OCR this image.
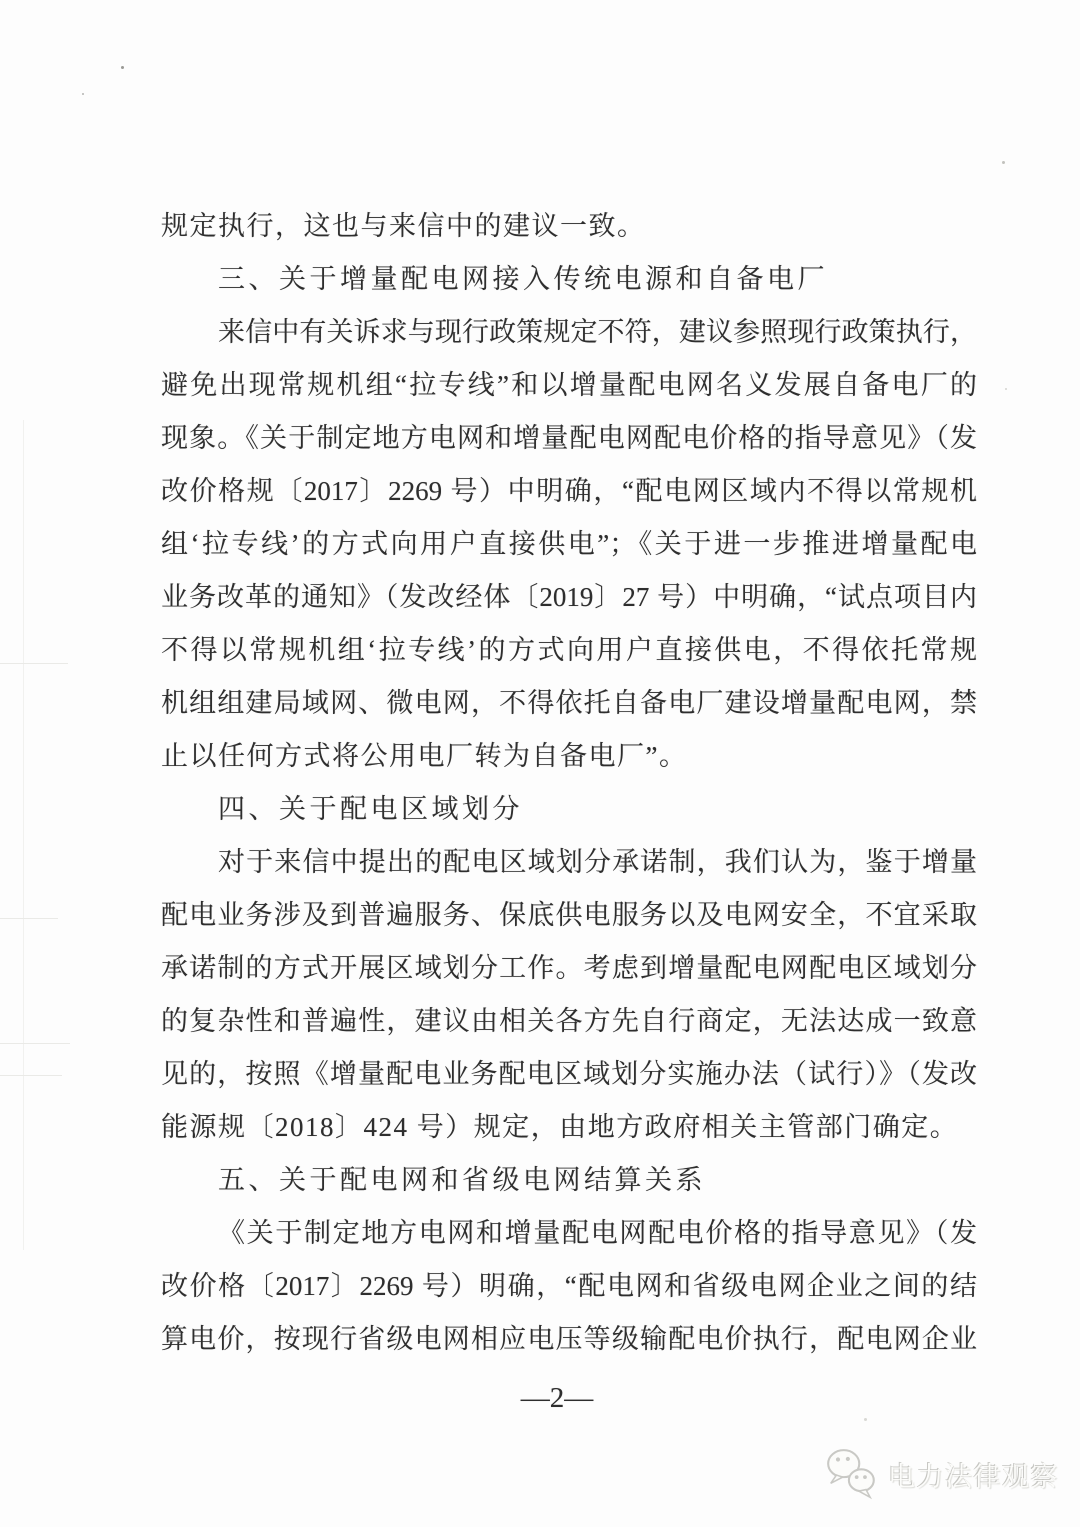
规定执行，这也与来信中的建议一致。
三、关于增量配电网接入传统电源和自备电厂
来信中有关诉求与现行政策规定不符，建议参照现行政策执行，
避免出现常规机组“拉专线”和以增量配电网名义发展自备电厂的
现象。《关于制定地方电网和增量配电网配电价格的指导意见》（发
改价格规〔2017〕2269 号）中明确，“配电网区域内不得以常规机
组‘拉专线’的方式向用户直接供电”；《关于进一步推进增量配电
业务改革的通知》（发改经体〔2019〕27 号）中明确，“试点项目内
不得以常规机组‘拉专线’的方式向用户直接供电，不得依托常规
机组组建局域网、微电网，不得依托自备电厂建设增量配电网，禁
止以任何方式将公用电厂转为自备电厂”。
四、关于配电区域划分
对于来信中提出的配电区域划分承诺制，我们认为，鉴于增量
配电业务涉及到普遍服务、保底供电服务以及电网安全，不宜采取
承诺制的方式开展区域划分工作。考虑到增量配电网配电区域划分
的复杂性和普遍性，建议由相关各方先自行商定，无法达成一致意
见的，按照《增量配电业务配电区域划分实施办法（试行）》（发改
能源规〔2018〕424 号）规定，由地方政府相关主管部门确定。
五、关于配电网和省级电网结算关系
《关于制定地方电网和增量配电网配电价格的指导意见》（发
改价格〔2017〕2269 号）明确，“配电网和省级电网企业之间的结
算电价，按现行省级电网相应电压等级输配电价执行，配电网企业
—2—
电力法律观察
